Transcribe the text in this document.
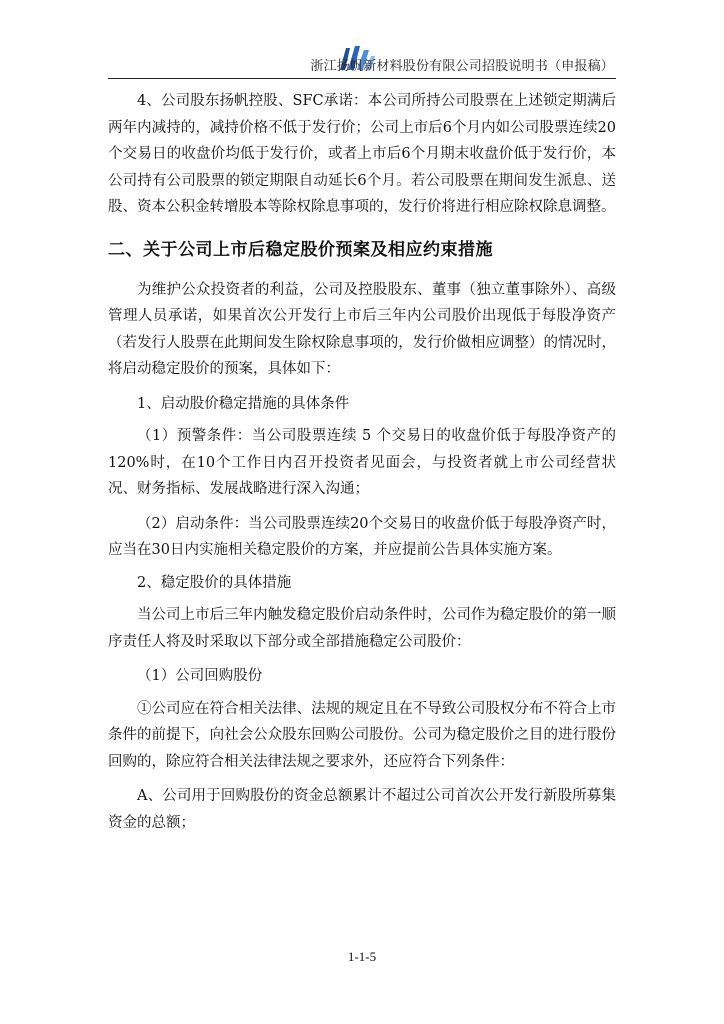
浙江扬帆新材料股份有限公司招股说明书（申报稿）

4、公司股东扬帆控股、SFC承诺：本公司所持公司股票在上述锁定期满后两年内减持的，减持价格不低于发行价；公司上市后6个月内如公司股票连续20个交易日的收盘价均低于发行价，或者上市后6个月期末收盘价低于发行价，本公司持有公司股票的锁定期限自动延长6个月。若公司股票在期间发生派息、送股、资本公积金转增股本等除权除息事项的，发行价将进行相应除权除息调整。

二、关于公司上市后稳定股价预案及相应约束措施

为维护公众投资者的利益，公司及控股股东、董事（独立董事除外）、高级管理人员承诺，如果首次公开发行上市后三年内公司股价出现低于每股净资产（若发行人股票在此期间发生除权除息事项的，发行价做相应调整）的情况时，将启动稳定股价的预案，具体如下：

1、启动股价稳定措施的具体条件

（1）预警条件：当公司股票连续 5 个交易日的收盘价低于每股净资产的120%时，在10个工作日内召开投资者见面会，与投资者就上市公司经营状况、财务指标、发展战略进行深入沟通；

（2）启动条件：当公司股票连续20个交易日的收盘价低于每股净资产时，应当在30日内实施相关稳定股价的方案，并应提前公告具体实施方案。

2、稳定股价的具体措施

当公司上市后三年内触发稳定股价启动条件时，公司作为稳定股价的第一顺序责任人将及时采取以下部分或全部措施稳定公司股价：

（1）公司回购股份

①公司应在符合相关法律、法规的规定且在不导致公司股权分布不符合上市条件的前提下，向社会公众股东回购公司股份。公司为稳定股价之目的进行股份回购的，除应符合相关法律法规之要求外，还应符合下列条件：

A、公司用于回购股份的资金总额累计不超过公司首次公开发行新股所募集资金的总额；

1-1-5
